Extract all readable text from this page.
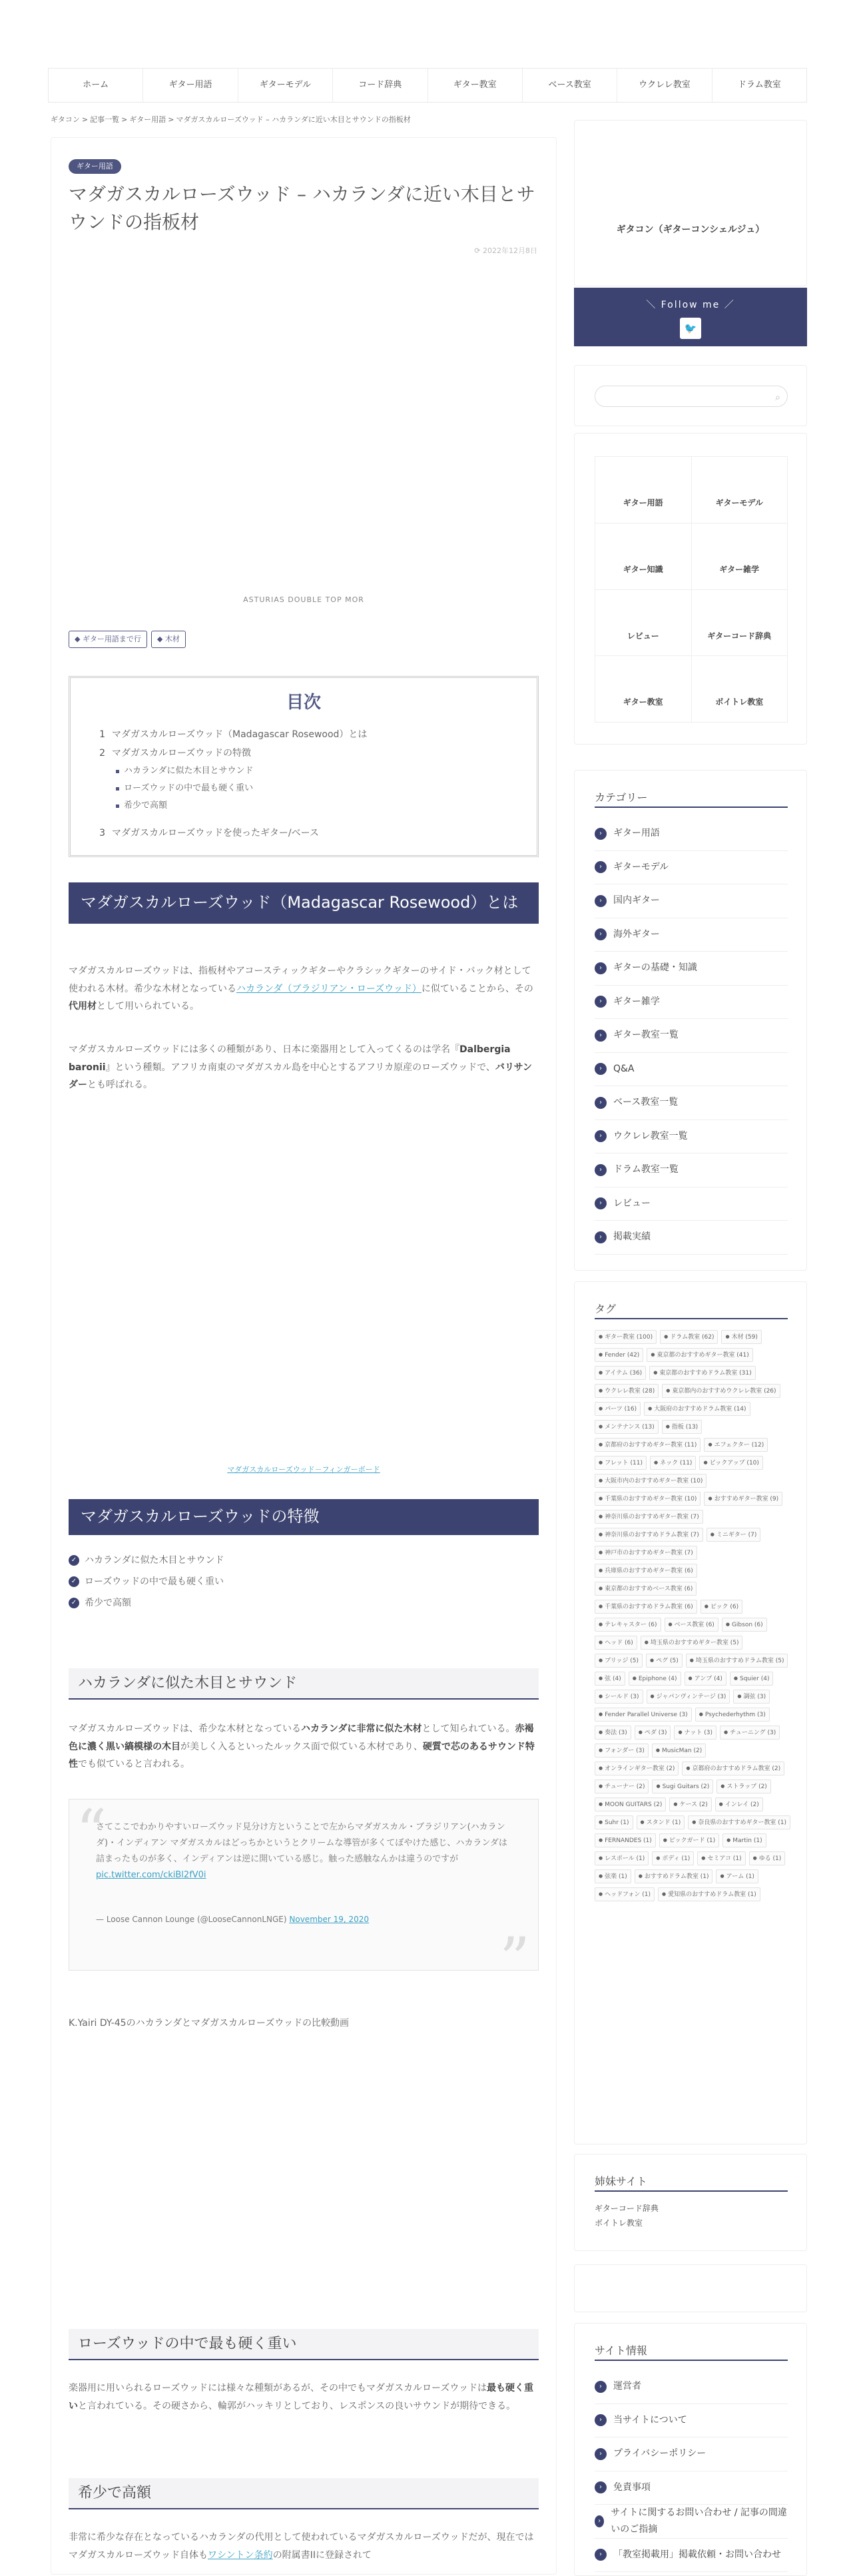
ホーム	ギター用語	ギターモデル	コード辞典	ギター教室	ベース教室	ウクレレ教室	ドラム教室
ギタコン > 記事一覧 > ギター用語 > マダガスカルローズウッド – ハカランダに近い木目とサウンドの指板材
ギター用語
マダガスカルローズウッド – ハカランダに近い木目とサウンドの指板材
⟳ 2022年12月8日
ASTURIAS DOUBLE TOP MOR
◆ ギター用語まで行	◆ 木材
目次
1 マダガスカルローズウッド（Madagascar Rosewood）とは
2 マダガスカルローズウッドの特徴
ハカランダに似た木目とサウンド
ローズウッドの中で最も硬く重い
希少で高額
3 マダガスカルローズウッドを使ったギター/ベース
マダガスカルローズウッド（Madagascar Rosewood）とは

マダガスカルローズウッドは、指板材やアコースティックギターやクラシックギターのサイド・バック材として使われる木材。希少な木材となっているハカランダ（ブラジリアン・ローズウッド）に似ていることから、その代用材として用いられている。

マダガスカルローズウッドには多くの種類があり、日本に楽器用として入ってくるのは学名『Dalbergia baronii』という種類。アフリカ南東のマダガスカル島を中心とするアフリカ原産のローズウッドで、バリサンダーとも呼ばれる。

マダガスカルローズウッド－フィンガーボード
マダガスカルローズウッドの特徴
✓ ハカランダに似た木目とサウンド
✓ ローズウッドの中で最も硬く重い
✓ 希少で高額
ハカランダに似た木目とサウンド

マダガスカルローズウッドは、希少な木材となっているハカランダに非常に似た木材として知られている。赤褐色に濃く黒い縞模様の木目が美しく入るといったルックス面で似ている木材であり、硬質で芯のあるサウンド特性でも似ていると言われる。

“
”
さてここでわかりやすいローズウッド見分け方ということで左からマダガスカル・ブラジリアン(ハカランダ)・インディアン マダガスカルはどっちかというとクリームな導管が多くてぼやけた感じ、ハカランダは詰まったものが多く、インディアンは逆に開いている感じ。触った感触なんかは違うのですが pic.twitter.com/ckiBl2fV0i
— Loose Cannon Lounge (@LooseCannonLNGE) November 19, 2020
K.Yairi DY-45のハカランダとマダガスカルローズウッドの比較動画
ローズウッドの中で最も硬く重い

楽器用に用いられるローズウッドには様々な種類があるが、その中でもマダガスカルローズウッドは最も硬く重いと言われている。その硬さから、輪郭がハッキリとしており、レスポンスの良いサウンドが期待できる。

希少で高額

非常に希少な存在となっているハカランダの代用として使われているマダガスカルローズウッドだが、現在ではマダガスカルローズウッド自体もワシントン条約の附属書IIに登録されて

ギタコン（ギターコンシェルジュ）
＼ Follow me ／
🐦
⌕
ギター用語	ギターモデル
ギター知識	ギター雑学
レビュー	ギターコード辞典
ギター教室	ボイトレ教室
カテゴリー
›	ギター用語
›	ギターモデル
›	国内ギター
›	海外ギター
›	ギターの基礎・知識
›	ギター雑学
›	ギター教室一覧
›	Q&A
›	ベース教室一覧
›	ウクレレ教室一覧
›	ドラム教室一覧
›	レビュー
›	掲載実績
タグ
● ギター教室 (100)	● ドラム教室 (62)	● 木材 (59)
● Fender (42)	● 東京都のおすすめギター教室 (41)
● アイテム (36)	● 東京都のおすすめドラム教室 (31)
● ウクレレ教室 (28)	● 東京都内のおすすめウクレレ教室 (26)
● パーツ (16)	● 大阪府のおすすめドラム教室 (14)
● メンテナンス (13)	● 指板 (13)
● 京都府のおすすめギター教室 (11)	● エフェクター (12)
● フレット (11)	● ネック (11)	● ピックアップ (10)
● 大阪市内のおすすめギター教室 (10)
● 千葉県のおすすめギター教室 (10)	● おすすめギター教室 (9)
● 神奈川県のおすすめギター教室 (7)
● 神奈川県のおすすめドラム教室 (7)	● ミニギター (7)
● 神戸市のおすすめギター教室 (7)
● 兵庫県のおすすめギター教室 (6)
● 東京都のおすすめベース教室 (6)
● 千葉県のおすすめドラム教室 (6)	● ピック (6)
● テレキャスター (6)	● ベース教室 (6)	● Gibson (6)
● ヘッド (6)	● 埼玉県のおすすめギター教室 (5)
● ブリッジ (5)	● ペグ (5)	● 埼玉県のおすすめドラム教室 (5)
● 弦 (4)	● Epiphone (4)	● アンプ (4)	● Squier (4)
● シールド (3)	● ジャパンヴィンテージ (3)	● 調弦 (3)
● Fender Parallel Universe (3)	● Psychederhythm (3)
● 奏法 (3)	● ペダ (3)	● ナット (3)	● チューニング (3)
● フォンダー (3)	● MusicMan (2)
● オンラインギター教室 (2)	● 京都府のおすすめドラム教室 (2)
● チューナー (2)	● Sugi Guitars (2)	● ストラップ (2)
● MOON GUITARS (2)	● ケース (2)	● インレイ (2)
● Suhr (1)	● スタンド (1)	● 奈良県のおすすめギター教室 (1)
● FERNANDES (1)	● ピックガード (1)	● Martin (1)
● レスポール (1)	● ボディ (1)	● セミアコ (1)	● ゆる (1)
● 弦楽 (1)	● おすすめドラム教室 (1)	● アーム (1)
● ヘッドフォン (1)	● 愛知県のおすすめドラム教室 (1)
姉妹サイト
ギターコード辞典
ボイトレ教室
サイト情報
›	運営者
›	当サイトについて
›	プライバシーポリシー
›	免責事項
›
サイトに関するお問い合わせ / 記事の間違いのご指摘
›	「教室掲載用」掲載依頼・お問い合わせ
